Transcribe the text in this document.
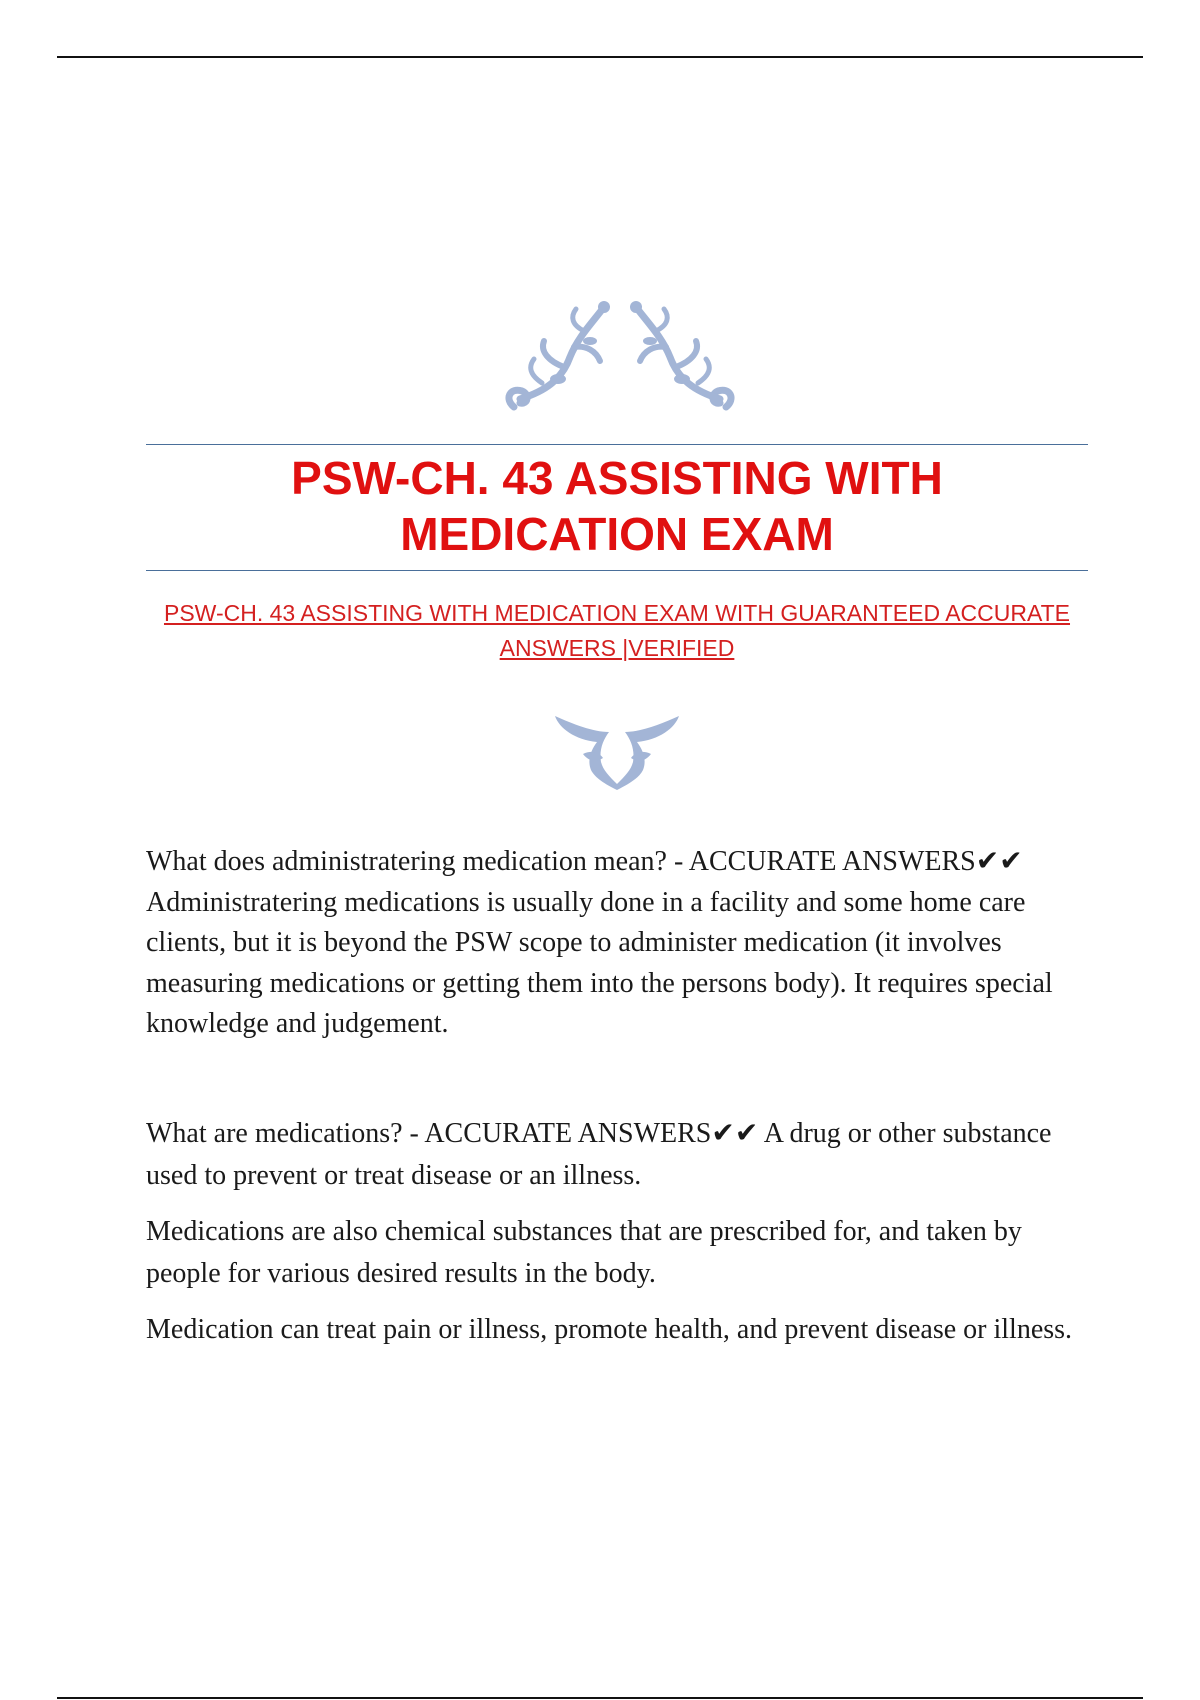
PSW-CH. 43 ASSISTING WITH
MEDICATION EXAM

PSW-CH. 43 ASSISTING WITH MEDICATION EXAM WITH GUARANTEED ACCURATE ANSWERS |VERIFIED

What does administratering medication mean? - ACCURATE ANSWERS✔✔ Administratering medications is usually done in a facility and some home care clients, but it is beyond the PSW scope to administer medication (it involves measuring medications or getting them into the persons body). It requires special knowledge and judgement.

What are medications? - ACCURATE ANSWERS✔✔ A drug or other substance used to prevent or treat disease or an illness.

Medications are also chemical substances that are prescribed for, and taken by people for various desired results in the body.

Medication can treat pain or illness, promote health, and prevent disease or illness.
